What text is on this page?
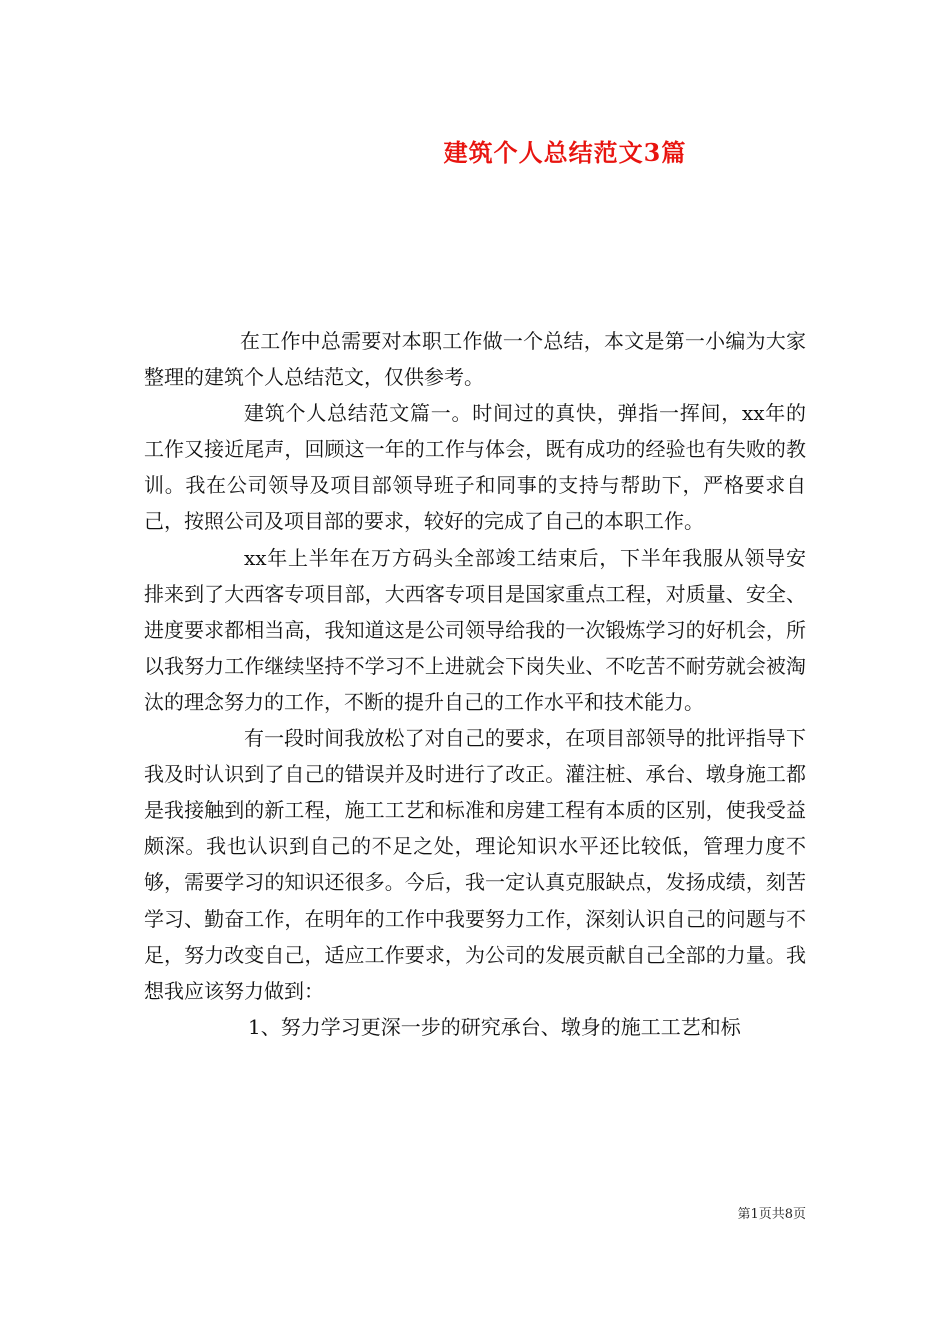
建筑个人总结范文3篇

在工作中总需要对本职工作做一个总结，本文是第一小编为大家整理的建筑个人总结范文，仅供参考。

建筑个人总结范文篇一。时间过的真快，弹指一挥间，xx年的工作又接近尾声，回顾这一年的工作与体会，既有成功的经验也有失败的教训。我在公司领导及项目部领导班子和同事的支持与帮助下，严格要求自己，按照公司及项目部的要求，较好的完成了自己的本职工作。

xx年上半年在万方码头全部竣工结束后，下半年我服从领导安排来到了大西客专项目部，大西客专项目是国家重点工程，对质量、安全、进度要求都相当高，我知道这是公司领导给我的一次锻炼学习的好机会，所以我努力工作继续坚持不学习不上进就会下岗失业、不吃苦不耐劳就会被淘汰的理念努力的工作，不断的提升自己的工作水平和技术能力。

有一段时间我放松了对自己的要求，在项目部领导的批评指导下我及时认识到了自己的错误并及时进行了改正。灌注桩、承台、墩身施工都是我接触到的新工程，施工工艺和标准和房建工程有本质的区别，使我受益颇深。我也认识到自己的不足之处，理论知识水平还比较低，管理力度不够，需要学习的知识还很多。今后，我一定认真克服缺点，发扬成绩，刻苦学习、勤奋工作，在明年的工作中我要努力工作，深刻认识自己的问题与不足，努力改变自己，适应工作要求，为公司的发展贡献自己全部的力量。我想我应该努力做到：

1、努力学习更深一步的研究承台、墩身的施工工艺和标

第1页共8页
